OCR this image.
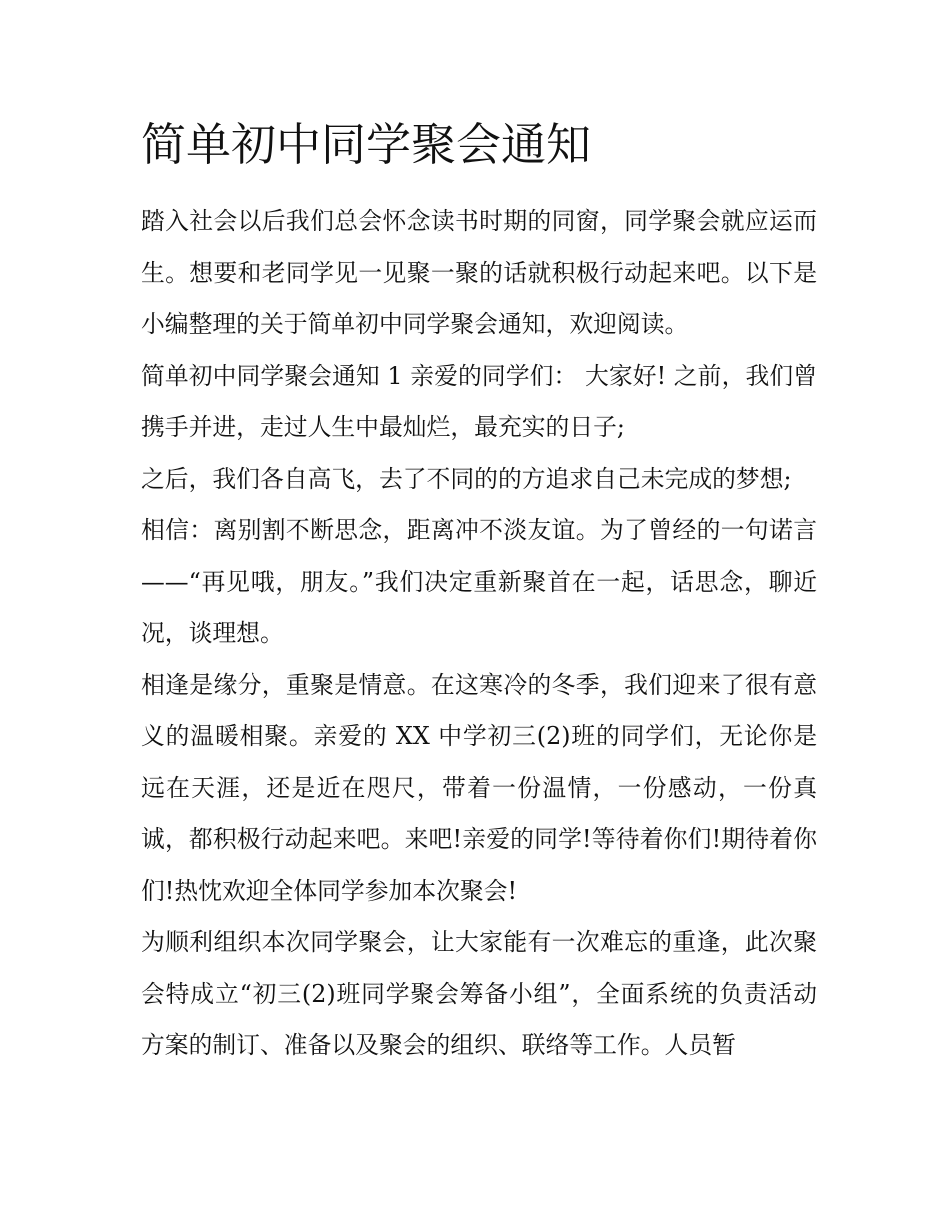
简单初中同学聚会通知

踏入社会以后我们总会怀念读书时期的同窗，同学聚会就应运而生。想要和老同学见一见聚一聚的话就积极行动起来吧。以下是小编整理的关于简单初中同学聚会通知，欢迎阅读。

简单初中同学聚会通知 1 亲爱的同学们： 大家好! 之前，我们曾携手并进，走过人生中最灿烂，最充实的日子;

之后，我们各自高飞，去了不同的的方追求自己未完成的梦想;

相信：离别割不断思念，距离冲不淡友谊。为了曾经的一句诺言——“再见哦，朋友。”我们决定重新聚首在一起，话思念，聊近况，谈理想。

相逢是缘分，重聚是情意。在这寒冷的冬季，我们迎来了很有意义的温暖相聚。亲爱的 XX 中学初三(2)班的同学们，无论你是远在天涯，还是近在咫尺，带着一份温情，一份感动，一份真诚，都积极行动起来吧。来吧!亲爱的同学!等待着你们!期待着你们!热忱欢迎全体同学参加本次聚会!

为顺利组织本次同学聚会，让大家能有一次难忘的重逢，此次聚会特成立“初三(2)班同学聚会筹备小组”，全面系统的负责活动方案的制订、准备以及聚会的组织、联络等工作。人员暂
